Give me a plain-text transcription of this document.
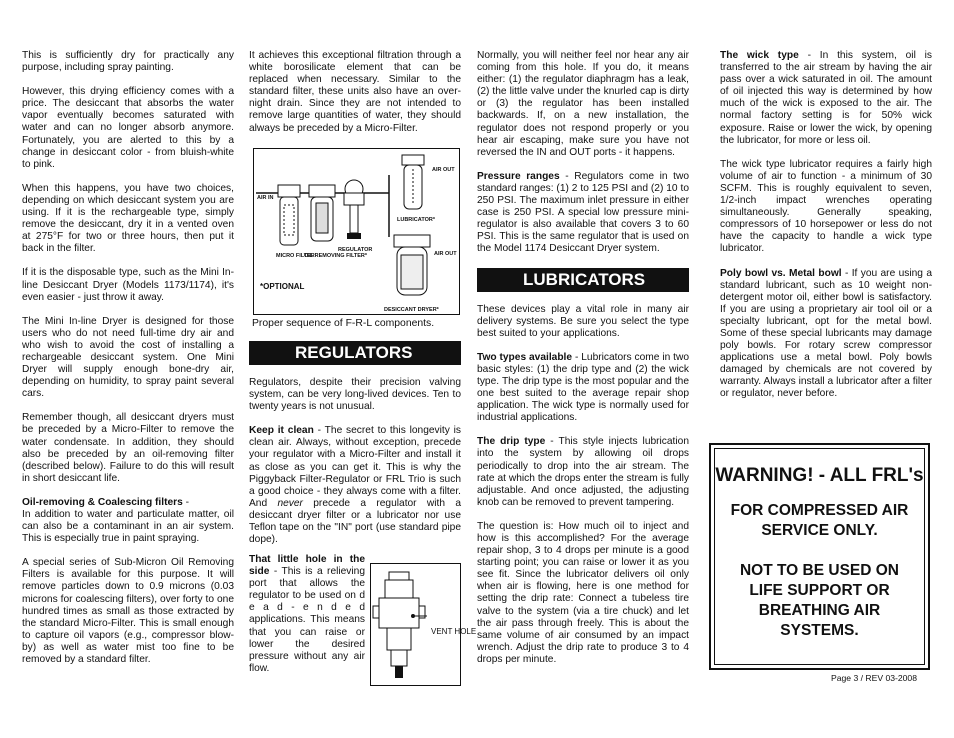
This is sufficiently dry for practically any purpose, including spray painting.

However, this drying efficiency comes with a price. The desiccant that absorbs the water vapor eventually becomes saturated with water and can no longer absorb anymore. Fortunately, you are alerted to this by a change in desiccant color - from bluish-white to pink.

When this happens, you have two choices, depending on which desiccant system you are using. If it is the rechargeable type, simply remove the desiccant, dry it in a vented oven at 275°F for two or three hours, then put it back in the filter.

If it is the disposable type, such as the Mini In-line Desiccant Dryer (Models 1173/1174), it's even easier - just throw it away.

The Mini In-line Dryer is designed for those users who do not need full-time dry air and who wish to avoid the cost of installing a rechargeable desiccant system. One Mini Dryer will supply enough bone-dry air, depending on humidity, to spray paint several cars.

Remember though, all desiccant dryers must be preceded by a Micro-Filter to remove the water condensate. In addition, they should also be preceded by an oil-removing filter (described below). Failure to do this will result in short desiccant life.

Oil-removing & Coalescing filters -

In addition to water and particulate matter, oil can also be a contaminant in an air system. This is especially true in paint spraying.

A special series of Sub-Micron Oil Removing Filters is available for this purpose. It will remove particles down to 0.9 microns (0.03 microns for coalescing filters), over forty to one hundred times as small as those extracted by the standard Micro-Filter. This is small enough to capture oil vapors (e.g., compressor blow-by) as well as water mist too fine to be removed by a standard filter.

It achieves this exceptional filtration through a white borosilicate element that can be replaced when necessary. Similar to the standard filter, these units also have an over-night drain. Since they are not intended to remove large quantities of water, they should always be preceded by a Micro-Filter.

AIR IN
AIR OUT
AIR OUT
MICRO FILTER
OIL REMOVING FILTER*
REGULATOR
LUBRICATOR*
DESICCANT DRYER*
*OPTIONAL
Proper sequence of F-R-L components.
REGULATORS

Regulators, despite their precision valving system, can be very long-lived devices. Ten to twenty years is not unusual.

Keep it clean - The secret to this longevity is clean air. Always, without exception, precede your regulator with a Micro-Filter and install it as close as you can get it. This is why the Piggyback Filter-Regulator or FRL Trio is such a good choice - they always come with a filter. And never precede a regulator with a desiccant dryer filter or a lubricator nor use Teflon tape on the "IN" port (use standard pipe dope).

That little hole in the side - This is a relieving port that allows the regulator to be used on d e a d - e n d e d applications. This means that you can raise or lower the desired pressure without any air flow.
VENT HOLE

Normally, you will neither feel nor hear any air coming from this hole. If you do, it means either: (1) the regulator diaphragm has a leak, (2) the little valve under the knurled cap is dirty or (3) the regulator has been installed backwards. If, on a new installation, the regulator does not respond properly or you hear air escaping, make sure you have not reversed the IN and OUT ports - it happens.

Pressure ranges - Regulators come in two standard ranges: (1) 2 to 125 PSI and (2) 10 to 250 PSI. The maximum inlet pressure in either case is 250 PSI. A special low pressure mini-regulator is also available that covers 3 to 60 PSI. This is the same regulator that is used on the Model 1174 Desiccant Dryer system.

LUBRICATORS

These devices play a vital role in many air delivery systems. Be sure you select the type best suited to your applications.

Two types available - Lubricators come in two basic styles: (1) the drip type and (2) the wick type. The drip type is the most popular and the one best suited to the average repair shop application. The wick type is normally used for industrial applications.

The drip type - This style injects lubrication into the system by allowing oil drops periodically to drop into the air stream. The rate at which the drops enter the stream is fully adjustable. And once adjusted, the adjusting knob can be removed to prevent tampering.

The question is: How much oil to inject and how is this accomplished? For the average repair shop, 3 to 4 drops per minute is a good starting point; you can raise or lower it as you see fit. Since the lubricator delivers oil only when air is flowing, here is one method for setting the drip rate: Connect a tubeless tire valve to the system (via a tire chuck) and let the air pass through freely. This is about the same volume of air consumed by an impact wrench. Adjust the drip rate to produce 3 to 4 drops per minute.

The wick type - In this system, oil is transferred to the air stream by having the air pass over a wick saturated in oil. The amount of oil injected this way is determined by how much of the wick is exposed to the air. The normal factory setting is for 50% wick exposure. Raise or lower the wick, by opening the lubricator, for more or less oil.

The wick type lubricator requires a fairly high volume of air to function - a minimum of 30 SCFM. This is roughly equivalent to seven, 1/2-inch impact wrenches operating simultaneously. Generally speaking, compressors of 10 horsepower or less do not have the capacity to handle a wick type lubricator.

Poly bowl vs. Metal bowl - If you are using a standard lubricant, such as 10 weight non-detergent motor oil, either bowl is satisfactory. If you are using a proprietary air tool oil or a specialty lubricant, opt for the metal bowl. Some of these special lubricants may damage poly bowls. For rotary screw compressor applications use a metal bowl. Poly bowls damaged by chemicals are not covered by warranty. Always install a lubricator after a filter or regulator, never before.

WARNING! - ALL FRL's
FOR COMPRESSED AIR
SERVICE ONLY.
NOT TO BE USED ON
LIFE SUPPORT OR
BREATHING AIR
SYSTEMS.
Page 3 / REV 03-2008
